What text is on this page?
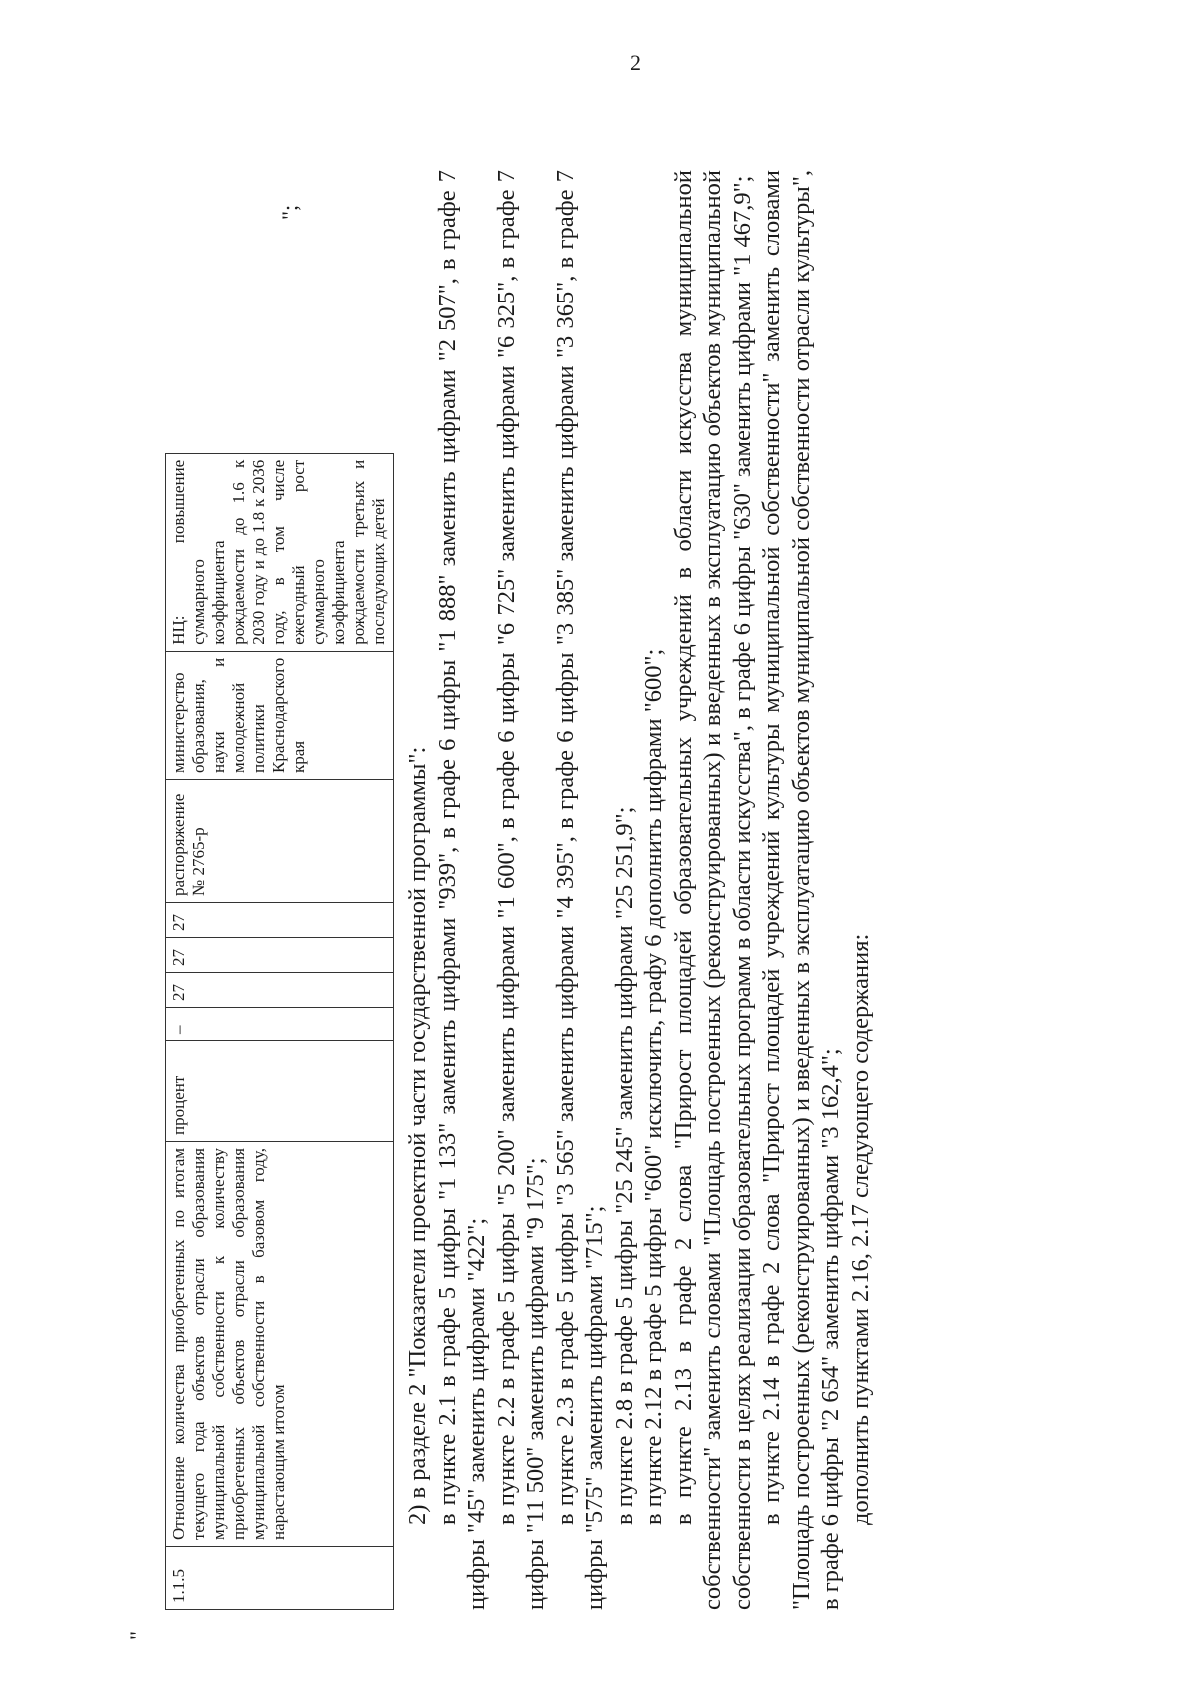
2
"
1.1.5	Отношение количества приобретенных по итогам текущего года объектов отрасли образования муниципальной собственности к количеству приобретенных объектов отрасли образования муниципальной собственности в базовом году, нарастающим итогом	процент	–	27	27	27	распоряжение № 2765-р	министерство образования, науки и молодежной политики Краснодарского края	НЦ: повышение суммарного коэффициента рождаемости до 1.6 к 2030 году и до 1.8 к 2036 году, в том числе ежегодный рост суммарного коэффициента рождаемости третьих и последующих детей
";

2) в разделе 2 "Показатели проектной части государственной программы": в пункте 2.1 в графе 5 цифры "1 133" заменить цифрами "939", в графе 6 цифры "1 888" заменить цифрами "2 507", в графе 7 цифры "45" заменить цифрами "422"; в пункте 2.2 в графе 5 цифры "5 200" заменить цифрами "1 600", в графе 6 цифры "6 725" заменить цифрами "6 325", в графе 7 цифры "11 500" заменить цифрами "9 175"; в пункте 2.3 в графе 5 цифры "3 565" заменить цифрами "4 395", в графе 6 цифры "3 385" заменить цифрами "3 365", в графе 7 цифры "575" заменить цифрами "715"; в пункте 2.8 в графе 5 цифры "25 245" заменить цифрами "25 251,9"; в пункте 2.12 в графе 5 цифры "600" исключить, графу 6 дополнить цифрами "600"; в пункте 2.13 в графе 2 слова "Прирост площадей образовательных учреждений в области искусства муниципальной собственности" заменить словами "Площадь построенных (реконструированных) и введенных в эксплуатацию объектов муниципальной собственности в целях реализации образовательных программ в области искусства", в графе 6 цифры "630" заменить цифрами "1 467,9"; в пункте 2.14 в графе 2 слова "Прирост площадей учреждений культуры муниципальной собственности" заменить словами "Площадь построенных (реконструированных) и введенных в эксплуатацию объектов муниципальной собственности отрасли культуры", в графе 6 цифры "2 654" заменить цифрами "3 162,4"; дополнить пунктами 2.16, 2.17 следующего содержания:
